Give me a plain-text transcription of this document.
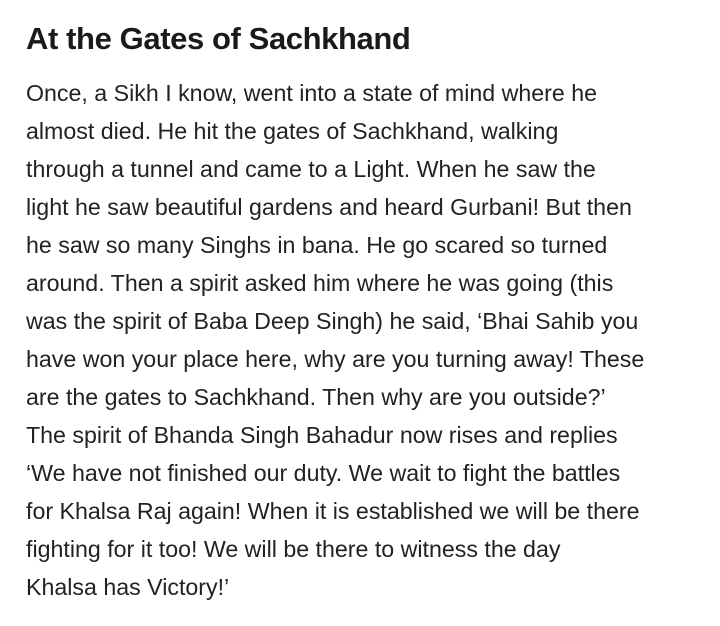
At the Gates of Sachkhand

Once, a Sikh I know, went into a state of mind where he
almost died. He hit the gates of Sachkhand, walking
through a tunnel and came to a Light. When he saw the
light he saw beautiful gardens and heard Gurbani! But then
he saw so many Singhs in bana. He go scared so turned
around. Then a spirit asked him where he was going (this
was the spirit of Baba Deep Singh) he said, ‘Bhai Sahib you
have won your place here, why are you turning away! These
are the gates to Sachkhand. Then why are you outside?’
The spirit of Bhanda Singh Bahadur now rises and replies
‘We have not finished our duty. We wait to fight the battles
for Khalsa Raj again! When it is established we will be there
fighting for it too! We will be there to witness the day
Khalsa has Victory!’
